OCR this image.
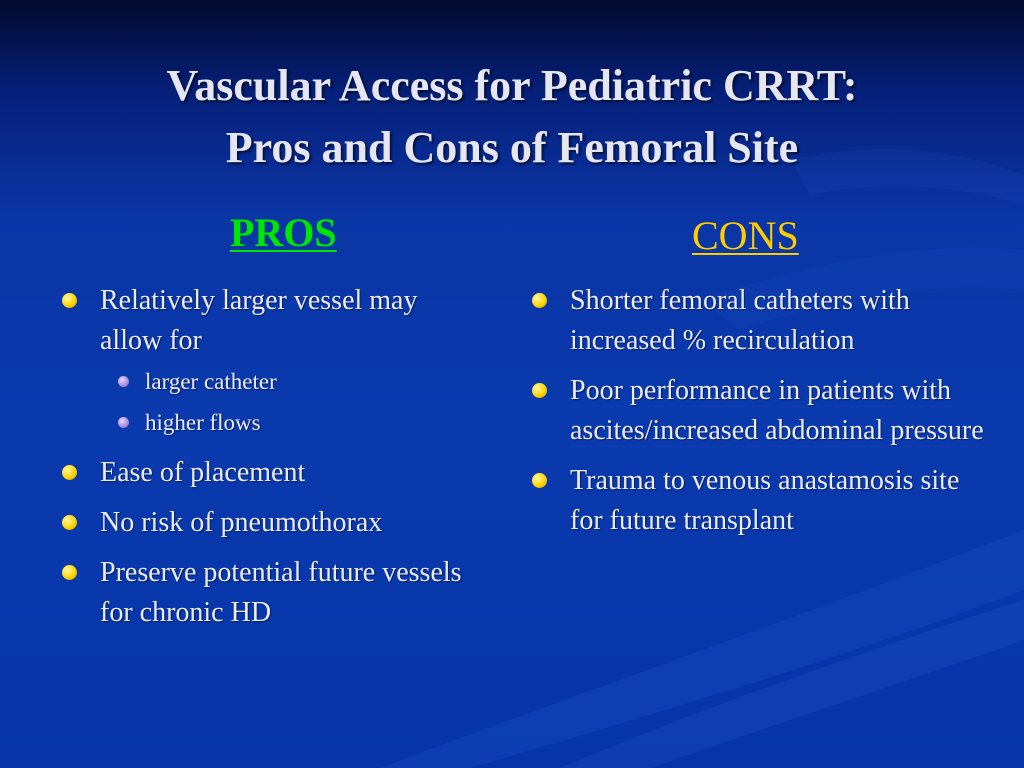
Vascular Access for Pediatric CRRT:
Pros and Cons of Femoral Site
PROS	CONS
Relatively larger vessel may allow for
larger catheter
higher flows
Ease of placement
No risk of pneumothorax
Preserve potential future vessels for chronic HD
Shorter femoral catheters with increased % recirculation
Poor performance in patients with ascites/increased abdominal pressure
Trauma to venous anastamosis site for future transplant
